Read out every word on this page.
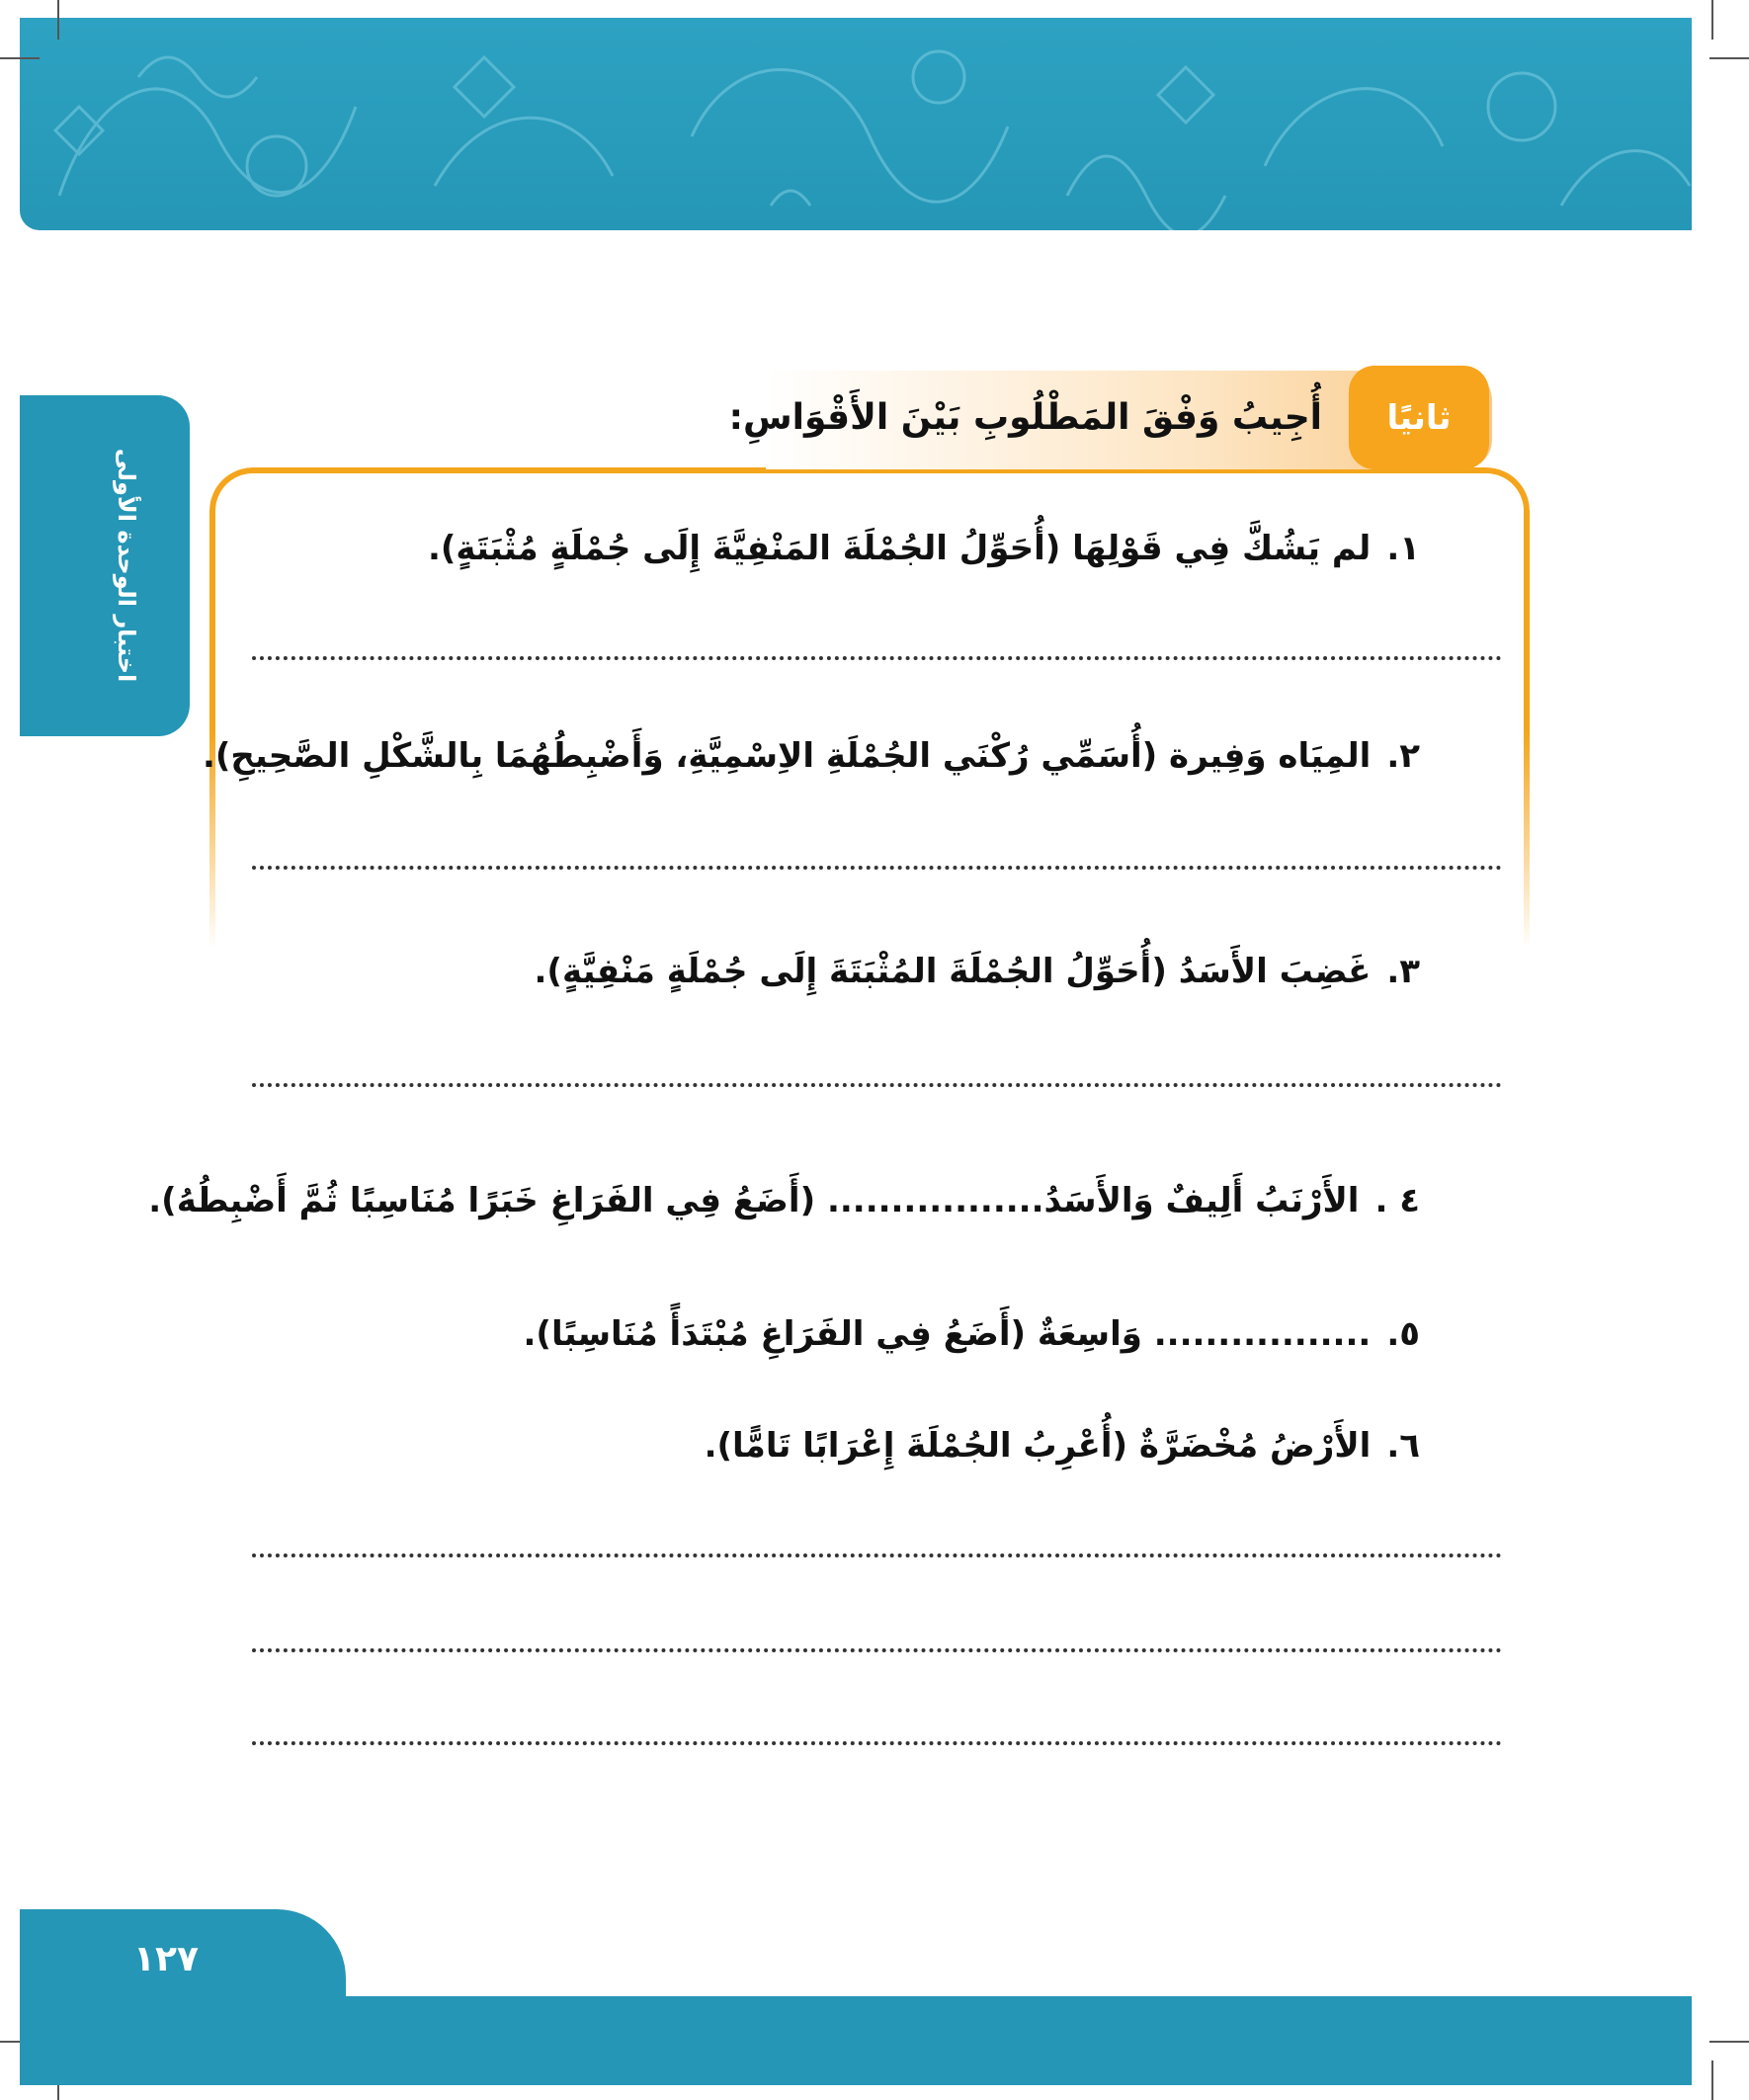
اختبار الوحدة الأولى
ثانيًا
أُجِيبُ وَفْقَ المَطْلُوبِ بَيْنَ الأَقْوَاسِ:
١.لم يَشُكَّ فِي قَوْلِهَا (أُحَوِّلُ الجُمْلَةَ المَنْفِيَّةَ إِلَى جُمْلَةٍ مُثْبَتَةٍ).
٢.المِيَاه وَفِيرة (أُسَمِّي رُكْنَي الجُمْلَةِ الاِسْمِيَّةِ، وَأَضْبِطُهُمَا بِالشَّكْلِ الصَّحِيحِ).
٣.غَضِبَ الأَسَدُ (أُحَوِّلُ الجُمْلَةَ المُثْبَتَةَ إِلَى جُمْلَةٍ مَنْفِيَّةٍ).
٤ .الأَرْنَبُ أَلِيفٌ وَالأَسَدُ................. (أَضَعُ فِي الفَرَاغِ خَبَرًا مُنَاسِبًا ثُمَّ أَضْبِطُهُ).
٥.................. وَاسِعَةٌ (أَضَعُ فِي الفَرَاغِ مُبْتَدَأً مُنَاسِبًا).
٦.الأَرْضُ مُخْضَرَّةٌ (أُعْرِبُ الجُمْلَةَ إِعْرَابًا تَامًّا).
١٢٧
